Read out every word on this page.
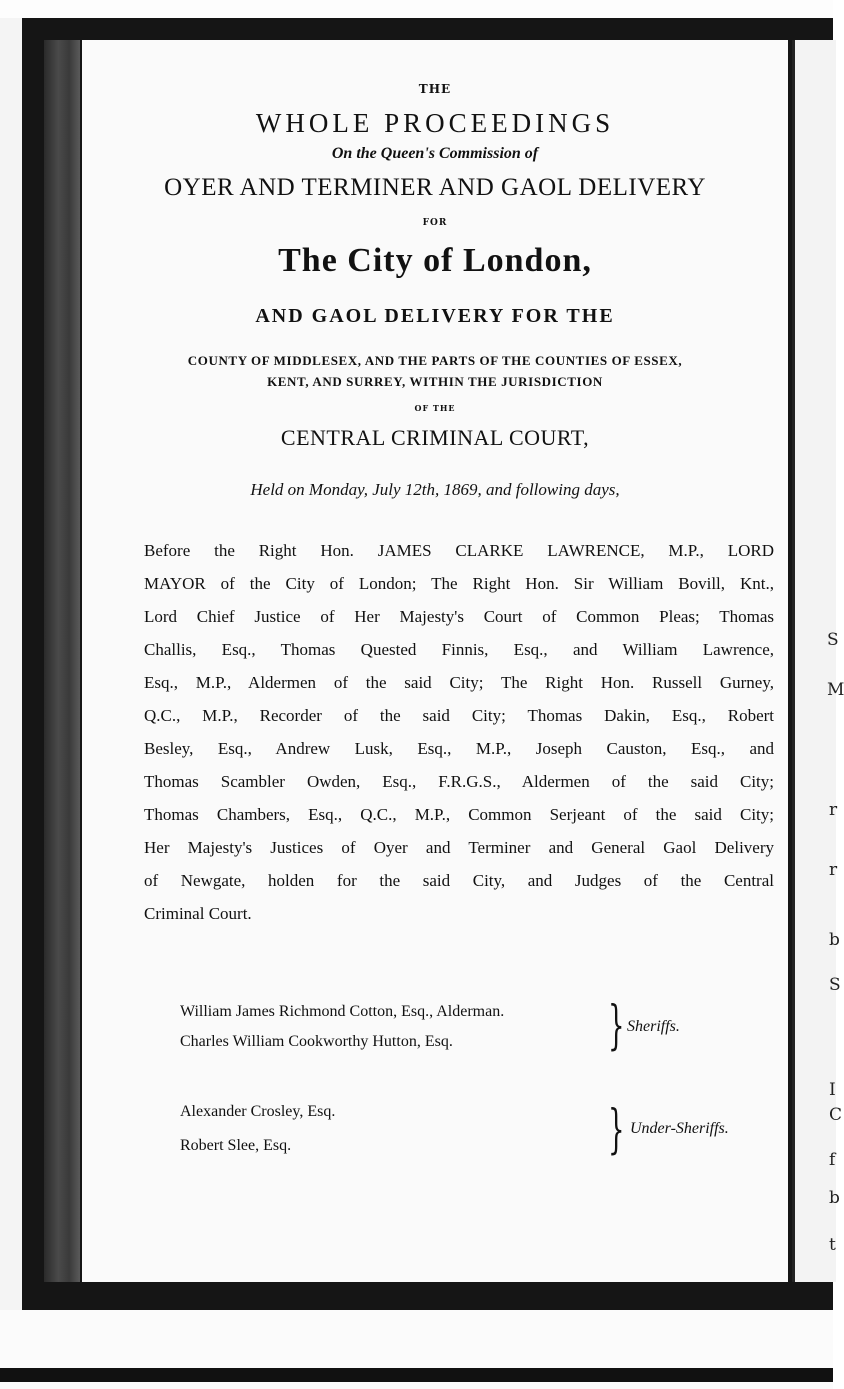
S
M
r
r
b
S
I
C
f
b
t
THE
WHOLE PROCEEDINGS
On the Queen's Commission of
OYER AND TERMINER AND GAOL DELIVERY
FOR
The City of London,
AND GAOL DELIVERY FOR THE
COUNTY OF MIDDLESEX, AND THE PARTS OF THE COUNTIES OF ESSEX,
KENT, AND SURREY, WITHIN THE JURISDICTION
OF THE
CENTRAL CRIMINAL COURT,
Held on Monday, July 12th, 1869, and following days,
Before the Right Hon. JAMES CLARKE LAWRENCE, M.P., LORD
MAYOR of the City of London; The Right Hon. Sir William Bovill, Knt.,
Lord Chief Justice of Her Majesty's Court of Common Pleas; Thomas
Challis, Esq., Thomas Quested Finnis, Esq., and William Lawrence,
Esq., M.P., Aldermen of the said City; The Right Hon. Russell Gurney,
Q.C., M.P., Recorder of the said City; Thomas Dakin, Esq., Robert
Besley, Esq., Andrew Lusk, Esq., M.P., Joseph Causton, Esq., and
Thomas Scambler Owden, Esq., F.R.G.S., Aldermen of the said City;
Thomas Chambers, Esq., Q.C., M.P., Common Serjeant of the said City;
Her Majesty's Justices of Oyer and Terminer and General Gaol Delivery
of Newgate, holden for the said City, and Judges of the Central
Criminal Court.
William James Richmond Cotton, Esq., Alderman.
Charles William Cookworthy Hutton, Esq.	} Sheriffs.
Alexander Crosley, Esq.
Robert Slee, Esq.	} Under-Sheriffs.
